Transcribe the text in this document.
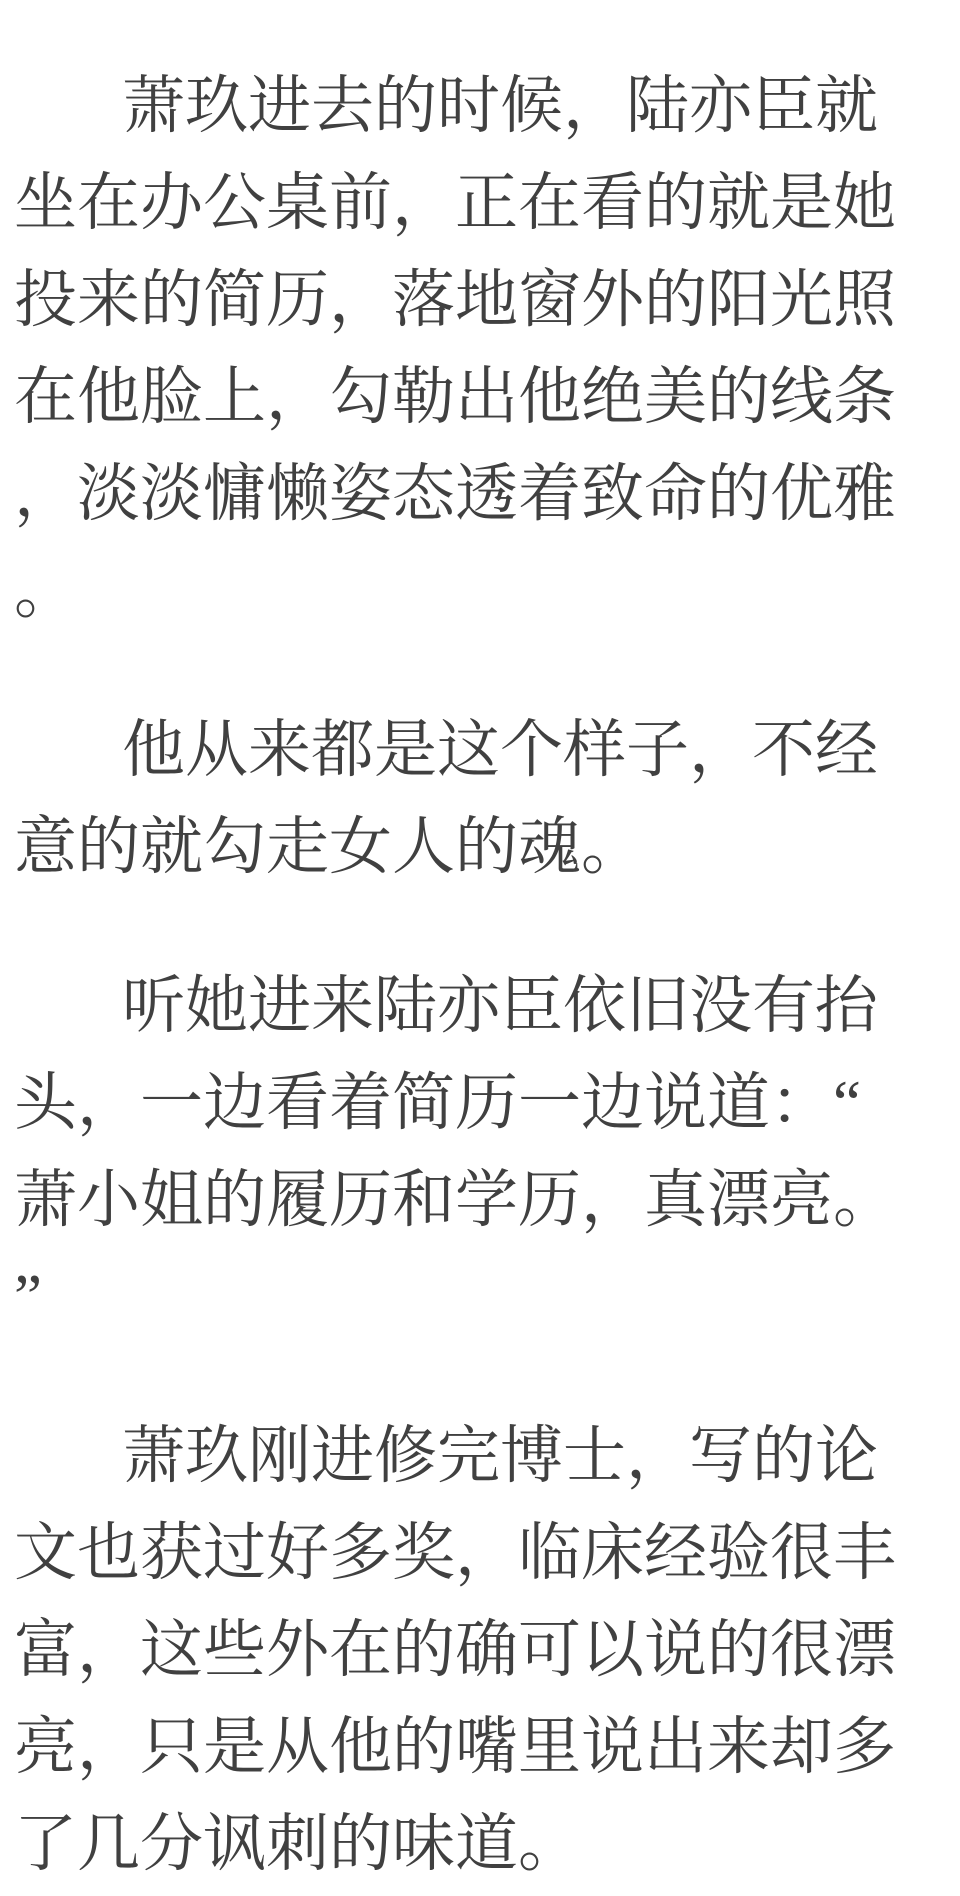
萧玖进去的时候，陆亦臣就
坐在办公桌前，正在看的就是她
投来的简历，落地窗外的阳光照
在他脸上，勾勒出他绝美的线条
，淡淡慵懒姿态透着致命的优雅
。
他从来都是这个样子，不经
意的就勾走女人的魂。
听她进来陆亦臣依旧没有抬
头，一边看着简历一边说道：“
萧小姐的履历和学历，真漂亮。
”
萧玖刚进修完博士，写的论
文也获过好多奖，临床经验很丰
富，这些外在的确可以说的很漂
亮，只是从他的嘴里说出来却多
了几分讽刺的味道。
